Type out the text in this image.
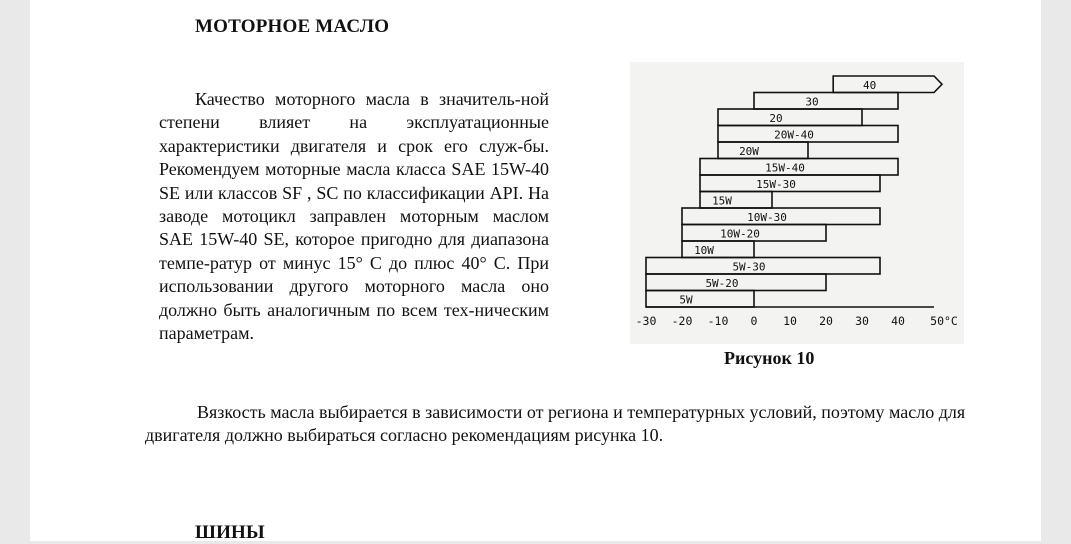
МОТОРНОЕ МАСЛО
Качество моторного масла в значитель-ной степени влияет на эксплуатационные характеристики двигателя и срок его служ-бы. Рекомендуем моторные масла класса SAE 15W-40 SE или классов SF , SC по классификации API. На заводе мотоцикл заправлен моторным маслом SAE 15W-40 SE, которое пригодно для диапазона темпе-ратур от минус 15° С до плюс 40° С. При использовании другого моторного масла оно должно быть аналогичным по всем тех-ническим параметрам.
40
30
20
20W-40
20W
15W-40
15W-30
15W
10W-30
10W-20
10W
5W-30
5W-20
5W
-30 -20 -10 0 10 20 30 40 50°C
Рисунок 10
Вязкость масла выбирается в зависимости от региона и температурных условий, поэтому масло для двигателя должно выбираться согласно рекомендациям рисунка 10.
ШИНЫ
